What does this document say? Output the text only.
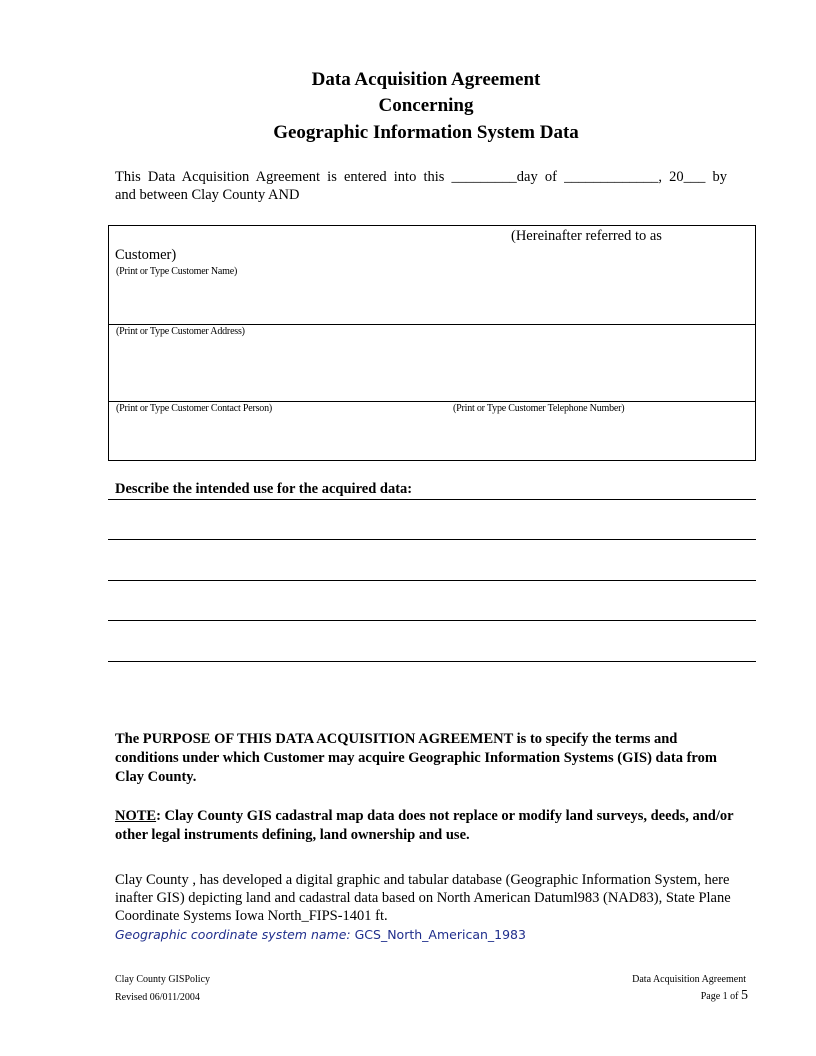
Data Acquisition Agreement
Concerning
Geographic Information System Data
This Data Acquisition Agreement is entered into this _________day of _____________, 20___ by
and between Clay County AND
(Hereinafter referred to as
Customer)
(Print or Type Customer Name)
(Print or Type Customer Address)
(Print or Type Customer Contact Person)	(Print or Type Customer Telephone Number)
Describe the intended use for the acquired data:
The PURPOSE OF THIS DATA ACQUISITION AGREEMENT is to specify the terms and conditions under which Customer may acquire Geographic Information Systems (GIS) data from Clay County.
NOTE: Clay County GIS cadastral map data does not replace or modify land surveys, deeds, and/or other legal instruments defining, land ownership and use.
Clay County , has developed a digital graphic and tabular database (Geographic Information System, here inafter GIS) depicting land and cadastral data based on North American Datuml983 (NAD83), State Plane Coordinate Systems Iowa North_FIPS-1401 ft.
Geographic coordinate system name: GCS_North_American_1983
Clay County GISPolicy
Revised 06/011/2004
Data Acquisition Agreement
Page 1 of 5
